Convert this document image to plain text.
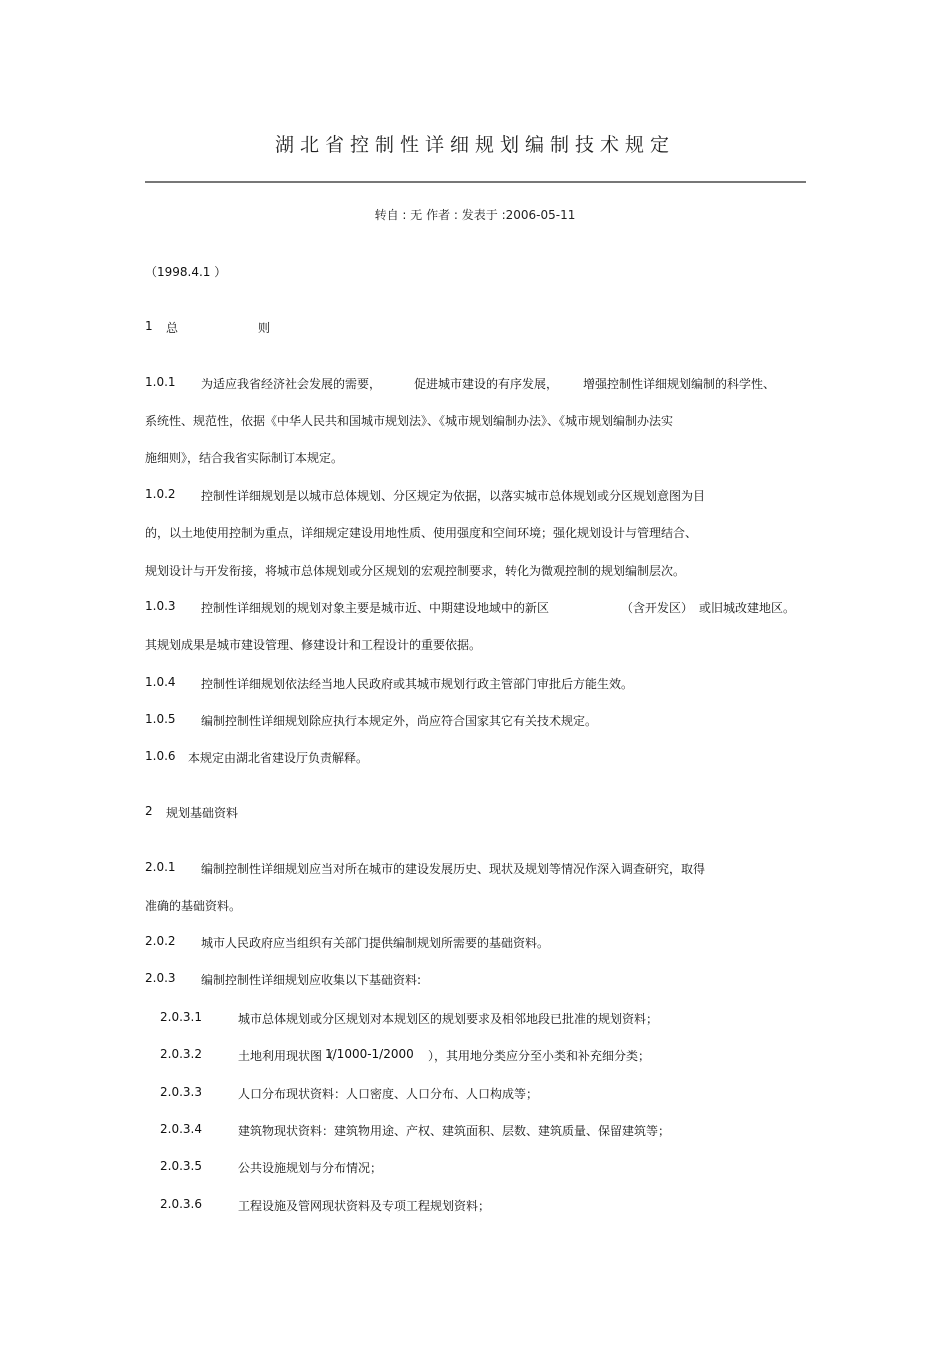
湖北省控制性详细规划编制技术规定
转自 : 无 作者 : 发表于 :2006-05-11
（1998.4.1 ）
1 总	则
1.0.1 为适应我省经济社会发展的需要，	促进城市建设的有序发展， 增强控制性详细规划编制的科学性、
系统性、规范性，依据《中华人民共和国城市规划法》、《城市规划编制办法》、《城市规划编制办法实
施细则》，结合我省实际制订本规定。
1.0.2 控制性详细规划是以城市总体规划、分区规定为依据，以落实城市总体规划或分区规划意图为目
的，以土地使用控制为重点，详细规定建设用地性质、使用强度和空间环境；强化规划设计与管理结合、
规划设计与开发衔接，将城市总体规划或分区规划的宏观控制要求，转化为微观控制的规划编制层次。
1.0.3 控制性详细规划的规划对象主要是城市近、中期建设地域中的新区	（含开发区） 或旧城改建地区。
其规划成果是城市建设管理、修建设计和工程设计的重要依据。
1.0.4 控制性详细规划依法经当地人民政府或其城市规划行政主管部门审批后方能生效。
1.0.5 编制控制性详细规划除应执行本规定外，尚应符合国家其它有关技术规定。
1.0.6 本规定由湖北省建设厅负责解释。
2 规划基础资料
2.0.1 编制控制性详细规划应当对所在城市的建设发展历史、现状及规划等情况作深入调查研究，取得
准确的基础资料。
2.0.2 城市人民政府应当组织有关部门提供编制规划所需要的基础资料。
2.0.3 编制控制性详细规划应收集以下基础资料:
2.0.3.1	城市总体规划或分区规划对本规划区的规划要求及相邻地段已批准的规划资料；
2.0.3.2	土地利用现状图（
1/1000-1/2000 ），其用地分类应分至小类和补充细分类；
2.0.3.3	人口分布现状资料：人口密度、人口分布、人口构成等；
2.0.3.4	建筑物现状资料：建筑物用途、产权、建筑面积、层数、建筑质量、保留建筑等；
2.0.3.5	公共设施规划与分布情况；
2.0.3.6	工程设施及管网现状资料及专项工程规划资料；
